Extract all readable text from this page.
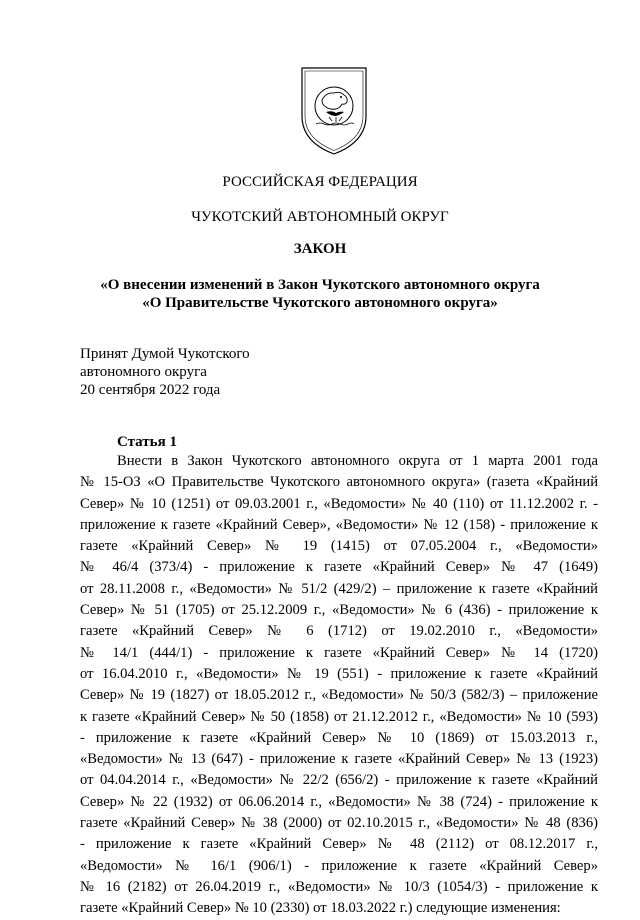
РОССИЙСКАЯ ФЕДЕРАЦИЯ
ЧУКОТСКИЙ АВТОНОМНЫЙ ОКРУГ
ЗАКОН
«О внесении изменений в Закон Чукотского автономного округа
«О Правительстве Чукотского автономного округа»
Принят Думой Чукотского
автономного округа
20 сентября 2022 года
Статья 1
Внести в Закон Чукотского автономного округа от 1 марта 2001 года
№ 15-ОЗ «О Правительстве Чукотского автономного округа» (газета «Крайний
Север» № 10 (1251) от 09.03.2001 г., «Ведомости» № 40 (110) от 11.12.2002 г. -
приложение к газете «Крайний Север», «Ведомости» № 12 (158) - приложение к
газете «Крайний Север» № 19 (1415) от 07.05.2004 г., «Ведомости»
№ 46/4 (373/4) - приложение к газете «Крайний Север» № 47 (1649)
от 28.11.2008 г., «Ведомости» № 51/2 (429/2) – приложение к газете «Крайний
Север» № 51 (1705) от 25.12.2009 г., «Ведомости» № 6 (436) - приложение к
газете «Крайний Север» № 6 (1712) от 19.02.2010 г., «Ведомости»
№ 14/1 (444/1) - приложение к газете «Крайний Север» № 14 (1720)
от 16.04.2010 г., «Ведомости» № 19 (551) - приложение к газете «Крайний
Север» № 19 (1827) от 18.05.2012 г., «Ведомости» № 50/3 (582/3) – приложение
к газете «Крайний Север» № 50 (1858) от 21.12.2012 г., «Ведомости» № 10 (593)
- приложение к газете «Крайний Север» № 10 (1869) от 15.03.2013 г.,
«Ведомости» № 13 (647) - приложение к газете «Крайний Север» № 13 (1923)
от 04.04.2014 г., «Ведомости» № 22/2 (656/2) - приложение к газете «Крайний
Север» № 22 (1932) от 06.06.2014 г., «Ведомости» № 38 (724) - приложение к
газете «Крайний Север» № 38 (2000) от 02.10.2015 г., «Ведомости» № 48 (836)
- приложение к газете «Крайний Север» № 48 (2112) от 08.12.2017 г.,
«Ведомости» № 16/1 (906/1) - приложение к газете «Крайний Север»
№ 16 (2182) от 26.04.2019 г., «Ведомости» № 10/3 (1054/3) - приложение к
газете «Крайний Север» № 10 (2330) от 18.03.2022 г.) следующие изменения:
